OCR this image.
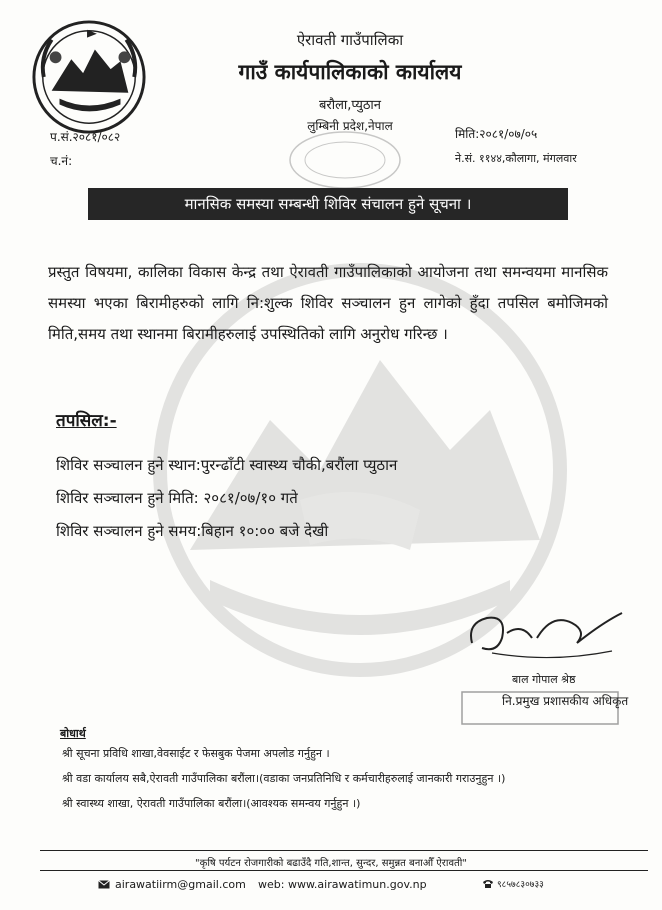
ऐरावती गाउँपालिका
गाउँ कार्यपालिकाको कार्यालय
बरौला,प्युठान
लुम्बिनी प्रदेश,नेपाल
प.सं.२०८१/०८२
च.नं:
मिति:२०८१/०७/०५
ने.सं. ११४४,कौलागा, मंगलवार
मानसिक समस्या सम्बन्धी शिविर संचालन हुने सूचना ।
प्रस्तुत विषयमा, कालिका विकास केन्द्र तथा ऐरावती गाउँपालिकाको आयोजना तथा समन्वयमा मानसिक समस्या भएका बिरामीहरुको लागि नि:शुल्क शिविर सञ्चालन हुन लागेको हुँदा तपसिल बमोजिमको मिति,समय तथा स्थानमा बिरामीहरुलाई उपस्थितिको लागि अनुरोध गरिन्छ ।
तपसिल:-
शिविर सञ्चालन हुने स्थान:पुरन्ढाँटी स्वास्थ्य चौकी,बरौंला प्युठान
शिविर सञ्चालन हुने मिति: २०८१/०७/१० गते
शिविर सञ्चालन हुने समय:बिहान १०:०० बजे देखी
बाल गोपाल श्रेष्ठ
नि.प्रमुख प्रशासकीय अधिकृत
बोधार्थ
श्री सूचना प्रविधि शाखा,वेवसाईट र फेसबुक पेजमा अपलोड गर्नुहुन ।
श्री वडा कार्यालय सबै,ऐरावती गाउँपालिका बरौंला।(वडाका जनप्रतिनिधि र कर्मचारीहरुलाई जानकारी गराउनुहुन ।)
श्री स्वास्थ्य शाखा, ऐरावती गाउँपालिका बरौंला।(आवश्यक समन्वय गर्नुहुन ।)
"कृषि पर्यटन रोजगारीको बढाउँदै गति,शान्त, सुन्दर, समुन्नत बनाऔँ ऐरावती"
airawatiirm@gmail.com web: www.airawatimun.gov.np	९८५७८३०७३३
